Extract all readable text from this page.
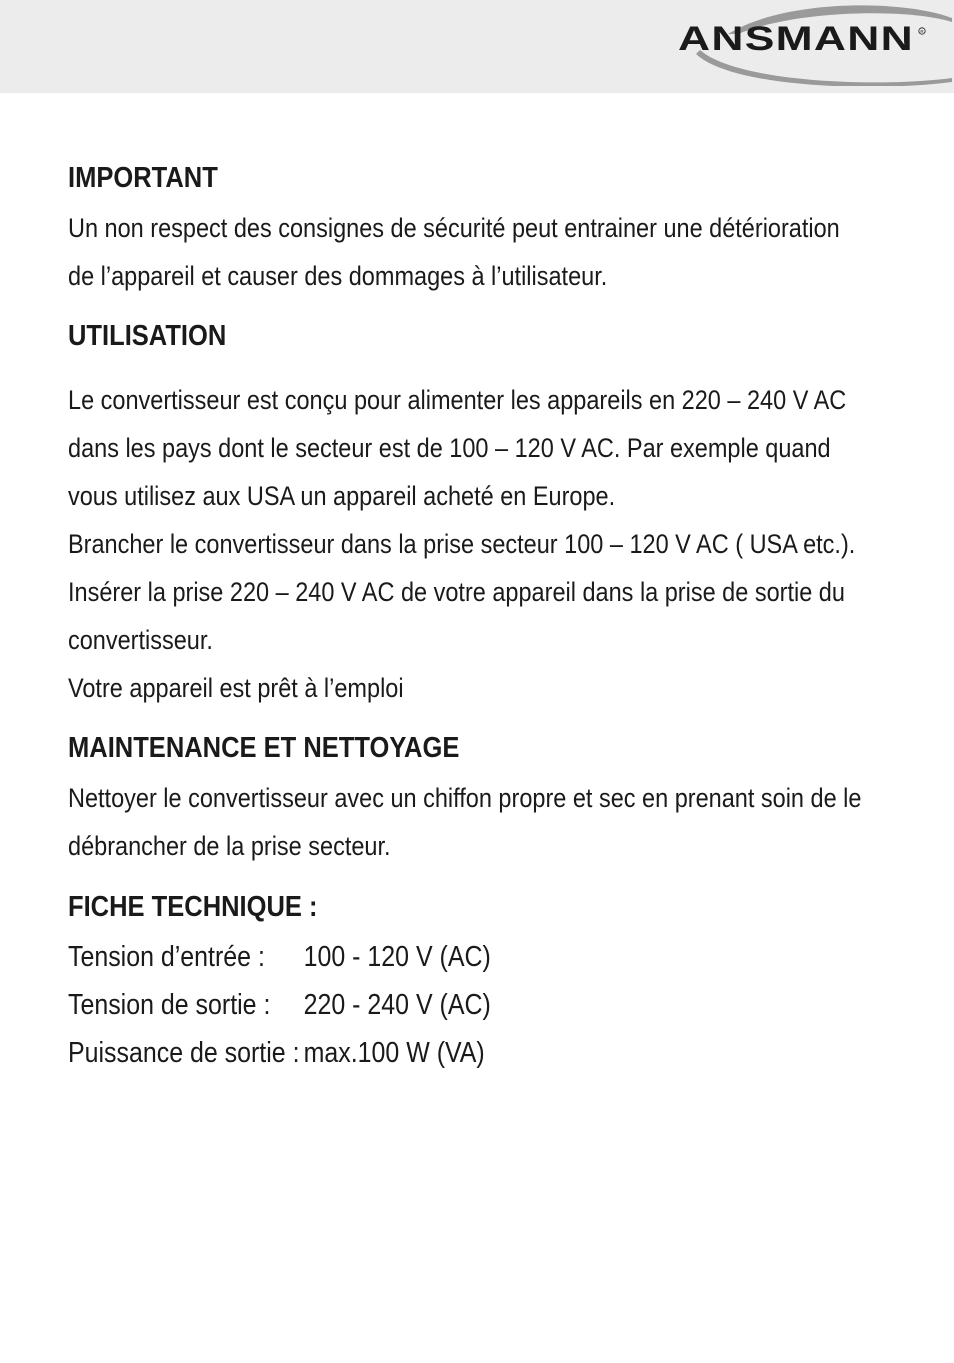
ANSMANN R
IMPORTANT

Un non respect des consignes de sécurité peut entrainer une détérioration

de l’appareil et causer des dommages à l’utilisateur.

UTILISATION

Le convertisseur est conçu pour alimenter les appareils en 220 – 240 V AC

dans les pays dont le secteur est de 100 – 120 V AC. Par exemple quand

vous utilisez aux USA un appareil acheté en Europe.

Brancher le convertisseur dans la prise secteur 100 – 120 V AC ( USA etc.).

Insérer la prise 220 – 240 V AC de votre appareil dans la prise de sortie du

convertisseur.

Votre appareil est prêt à l’emploi

MAINTENANCE ET NETTOYAGE

Nettoyer le convertisseur avec un chiffon propre et sec en prenant soin de le

débrancher de la prise secteur.

FICHE TECHNIQUE :
Tension d’entrée : 100 - 120 V (AC)
Tension de sortie : 220 - 240 V (AC)
Puissance de sortie : max.100 W (VA)
